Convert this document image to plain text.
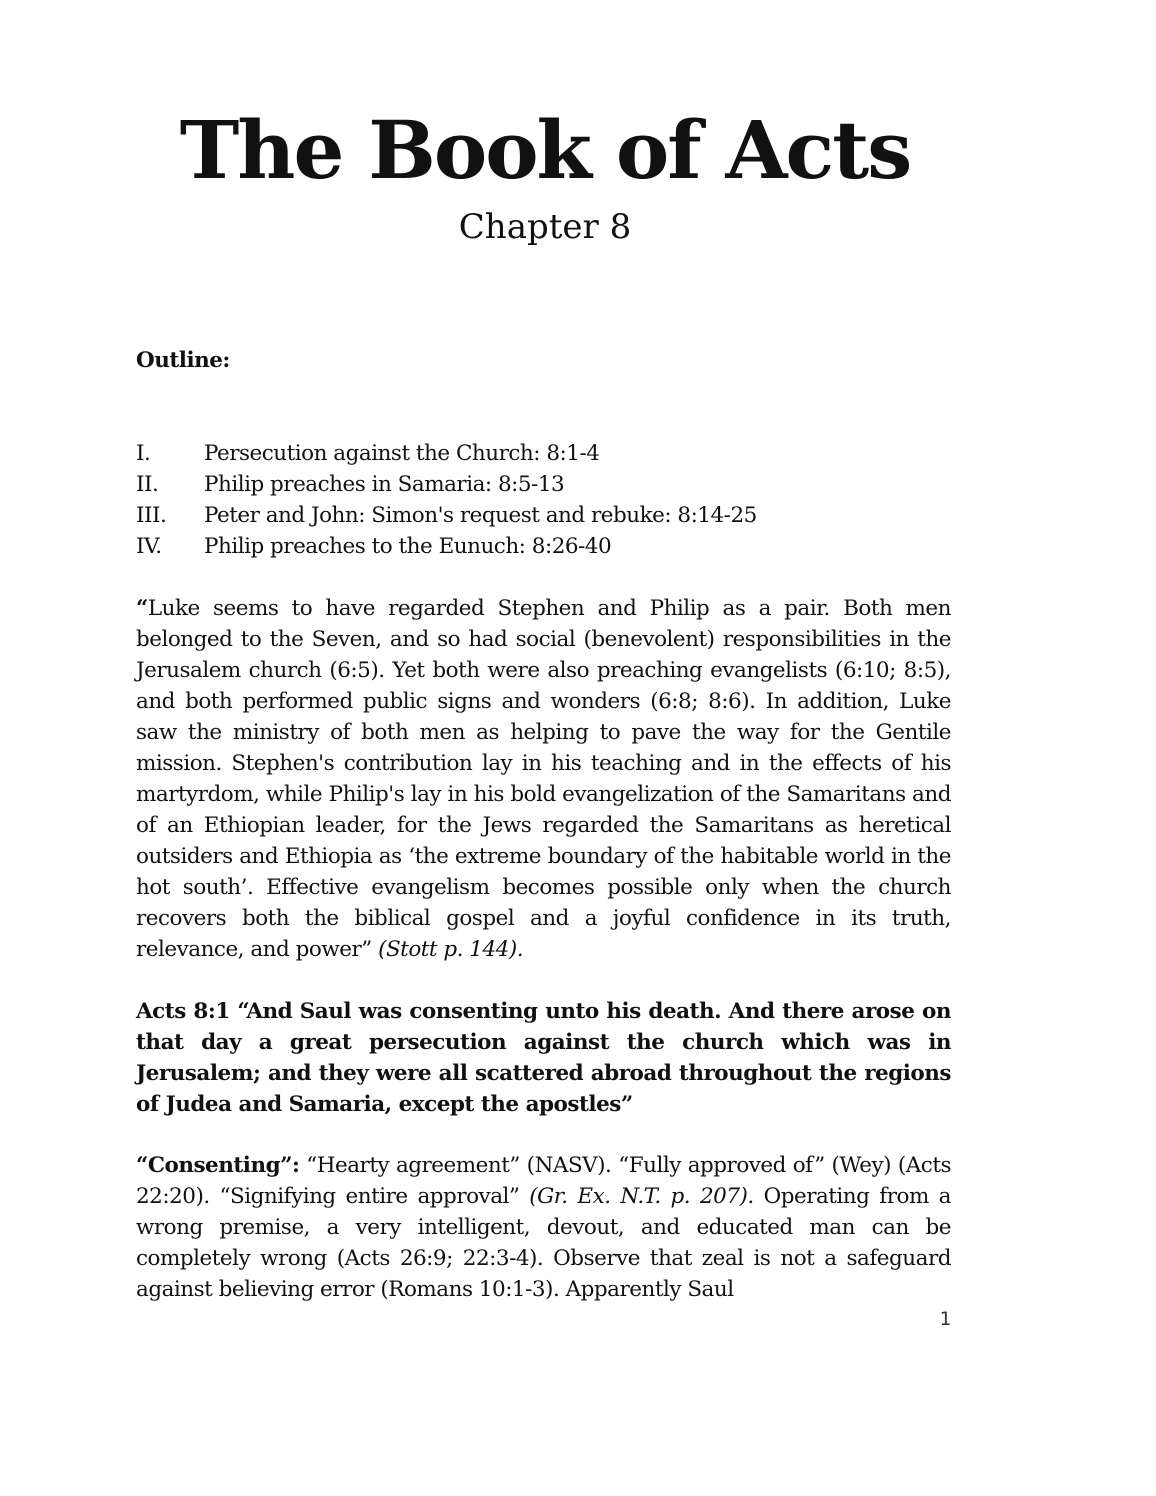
The Book of Acts
Chapter 8
Outline:
I.	Persecution against the Church: 8:1-4
II.	Philip preaches in Samaria: 8:5-13
III.	Peter and John: Simon's request and rebuke: 8:14-25
IV.	Philip preaches to the Eunuch: 8:26-40

“Luke seems to have regarded Stephen and Philip as a pair. Both men belonged to the Seven, and so had social (benevolent) responsibilities in the Jerusalem church (6:5). Yet both were also preaching evangelists (6:10; 8:5), and both performed public signs and wonders (6:8; 8:6). In addition, Luke saw the ministry of both men as helping to pave the way for the Gentile mission. Stephen's contribution lay in his teaching and in the effects of his martyrdom, while Philip's lay in his bold evangelization of the Samaritans and of an Ethiopian leader, for the Jews regarded the Samaritans as heretical outsiders and Ethiopia as ‘the extreme boundary of the habitable world in the hot south’. Effective evangelism becomes possible only when the church recovers both the biblical gospel and a joyful confidence in its truth, relevance, and power” (Stott p. 144).

Acts 8:1 “And Saul was consenting unto his death. And there arose on that day a great persecution against the church which was in Jerusalem; and they were all scattered abroad throughout the regions of Judea and Samaria, except the apostles”

“Consenting”: “Hearty agreement” (NASV). “Fully approved of” (Wey) (Acts 22:20). “Signifying entire approval” (Gr. Ex. N.T. p. 207). Operating from a wrong premise, a very intelligent, devout, and educated man can be completely wrong (Acts 26:9; 22:3-4). Observe that zeal is not a safeguard against believing error (Romans 10:1-3). Apparently Saul

1
